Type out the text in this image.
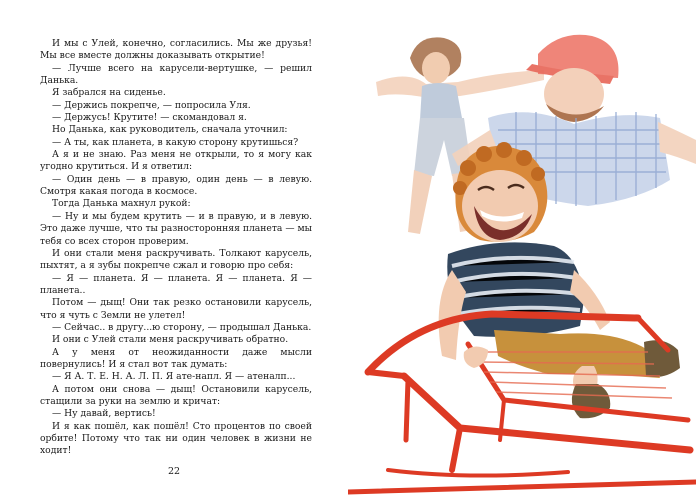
И мы с Улей, конечно, согласились. Мы же друзья! Мы все вместе должны доказывать открытие!

— Лучше всего на карусели-вертушке, — решил Данька.

Я забрался на сиденье.

— Держись покрепче, — попросила Уля.

— Держусь! Крутите! — скомандовал я.

Но Данька, как руководитель, сначала уточнил:

— А ты, как планета, в какую сторону крутишься?

А я и не знаю. Раз меня не открыли, то я могу как угодно крутиться. И я ответил:

— Один день — в правую, один день — в левую. Смотря какая погода в космосе.

Тогда Данька махнул рукой:

— Ну и мы будем крутить — и в правую, и в левую. Это даже лучше, что ты разносторонняя планета — мы тебя со всех сторон проверим.

И они стали меня раскручивать. Толкают карусель, пыхтят, а я зубы покрепче сжал и говорю про себя:

— Я — планета. Я — планета. Я — планета. Я — планета..

Потом — дыщ! Они так резко остановили карусель, что я чуть с Земли не улетел!

— Сейчас.. в другу...ю сторону, — продышал Данька.

И они с Улей стали меня раскручивать обратно.

А у меня от неожиданности даже мысли повернулись! И я стал вот так думать:

— Я А. Т. Е. Н. А. Л. П. Я ате-напл. Я — атеналп...

А потом они снова — дыщ! Остановили карусель, стащили за руки на землю и кричат:

— Ну давай, вертись!

И я как пошёл, как пошёл! Сто процентов по своей орбите! Потому что так ни один человек в жизни не ходит!

22
